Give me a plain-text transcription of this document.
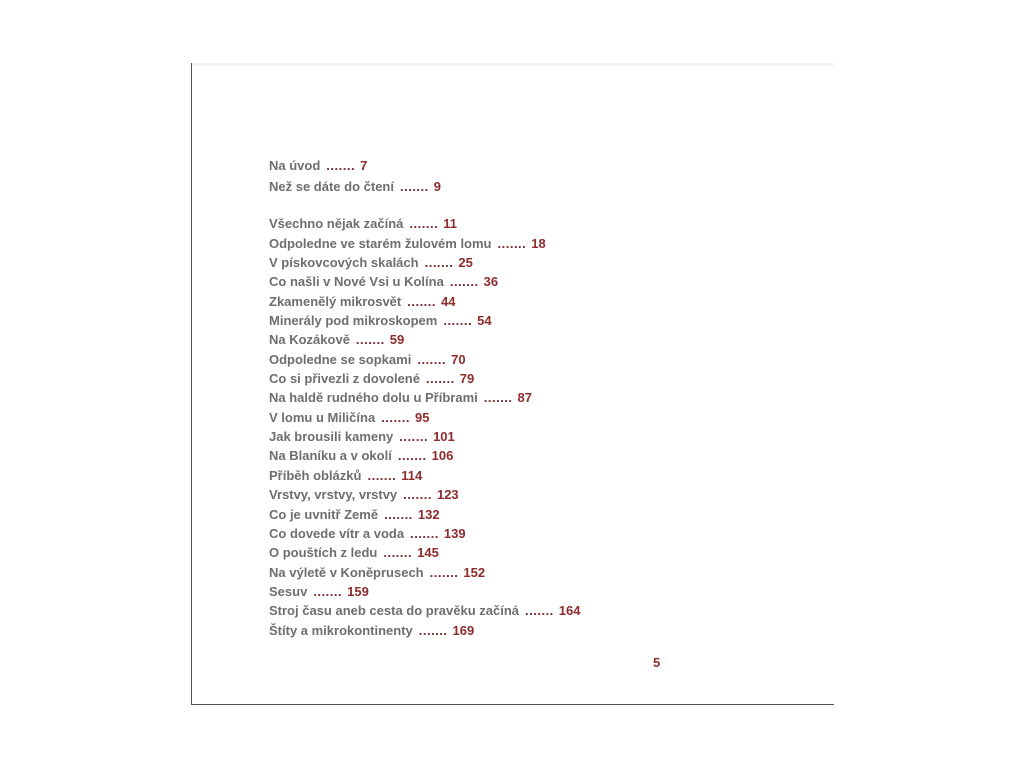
Na úvod ....... 7
Než se dáte do čtení ....... 9
Všechno nějak začíná ....... 11
Odpoledne ve starém žulovém lomu ....... 18
V pískovcových skalách ....... 25
Co našli v Nové Vsi u Kolína ....... 36
Zkamenělý mikrosvět ....... 44
Minerály pod mikroskopem ....... 54
Na Kozákově ....... 59
Odpoledne se sopkami ....... 70
Co si přivezli z dovolené ....... 79
Na haldě rudného dolu u Příbrami ....... 87
V lomu u Miličína ....... 95
Jak brousili kameny ....... 101
Na Blaníku a v okolí ....... 106
Příběh oblázků ....... 114
Vrstvy, vrstvy, vrstvy ....... 123
Co je uvnitř Země ....... 132
Co dovede vítr a voda ....... 139
O pouštích z ledu ....... 145
Na výletě v Koněprusech ....... 152
Sesuv ....... 159
Stroj času aneb cesta do pravěku začíná ....... 164
Štíty a mikrokontinenty ....... 169
5
